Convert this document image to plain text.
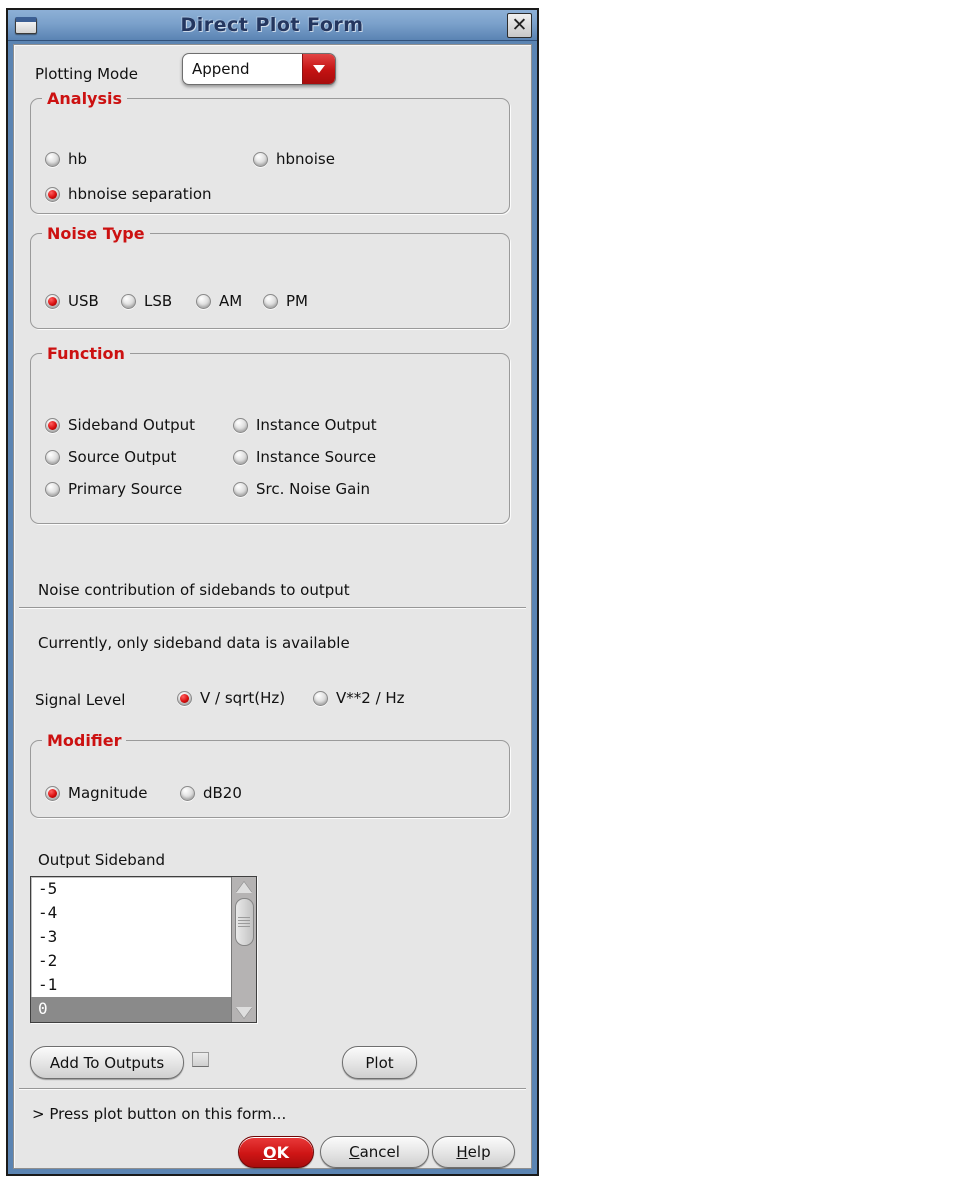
Direct Plot Form	✕
Plotting Mode	Append
Analysis
hb	hbnoise
hbnoise separation
Noise Type
USB	LSB	AM	PM
Function
Sideband Output	Instance Output
Source Output	Instance Source
Primary Source	Src. Noise Gain
Noise contribution of sidebands to output
Currently, only sideband data is available
Signal Level	V / sqrt(Hz)	V**2 / Hz
Modifier
Magnitude	dB20
Output Sideband
-5
-4
-3
-2
-1
0
Add To Outputs	Plot
> Press plot button on this form...
O K	C ancel	H elp
